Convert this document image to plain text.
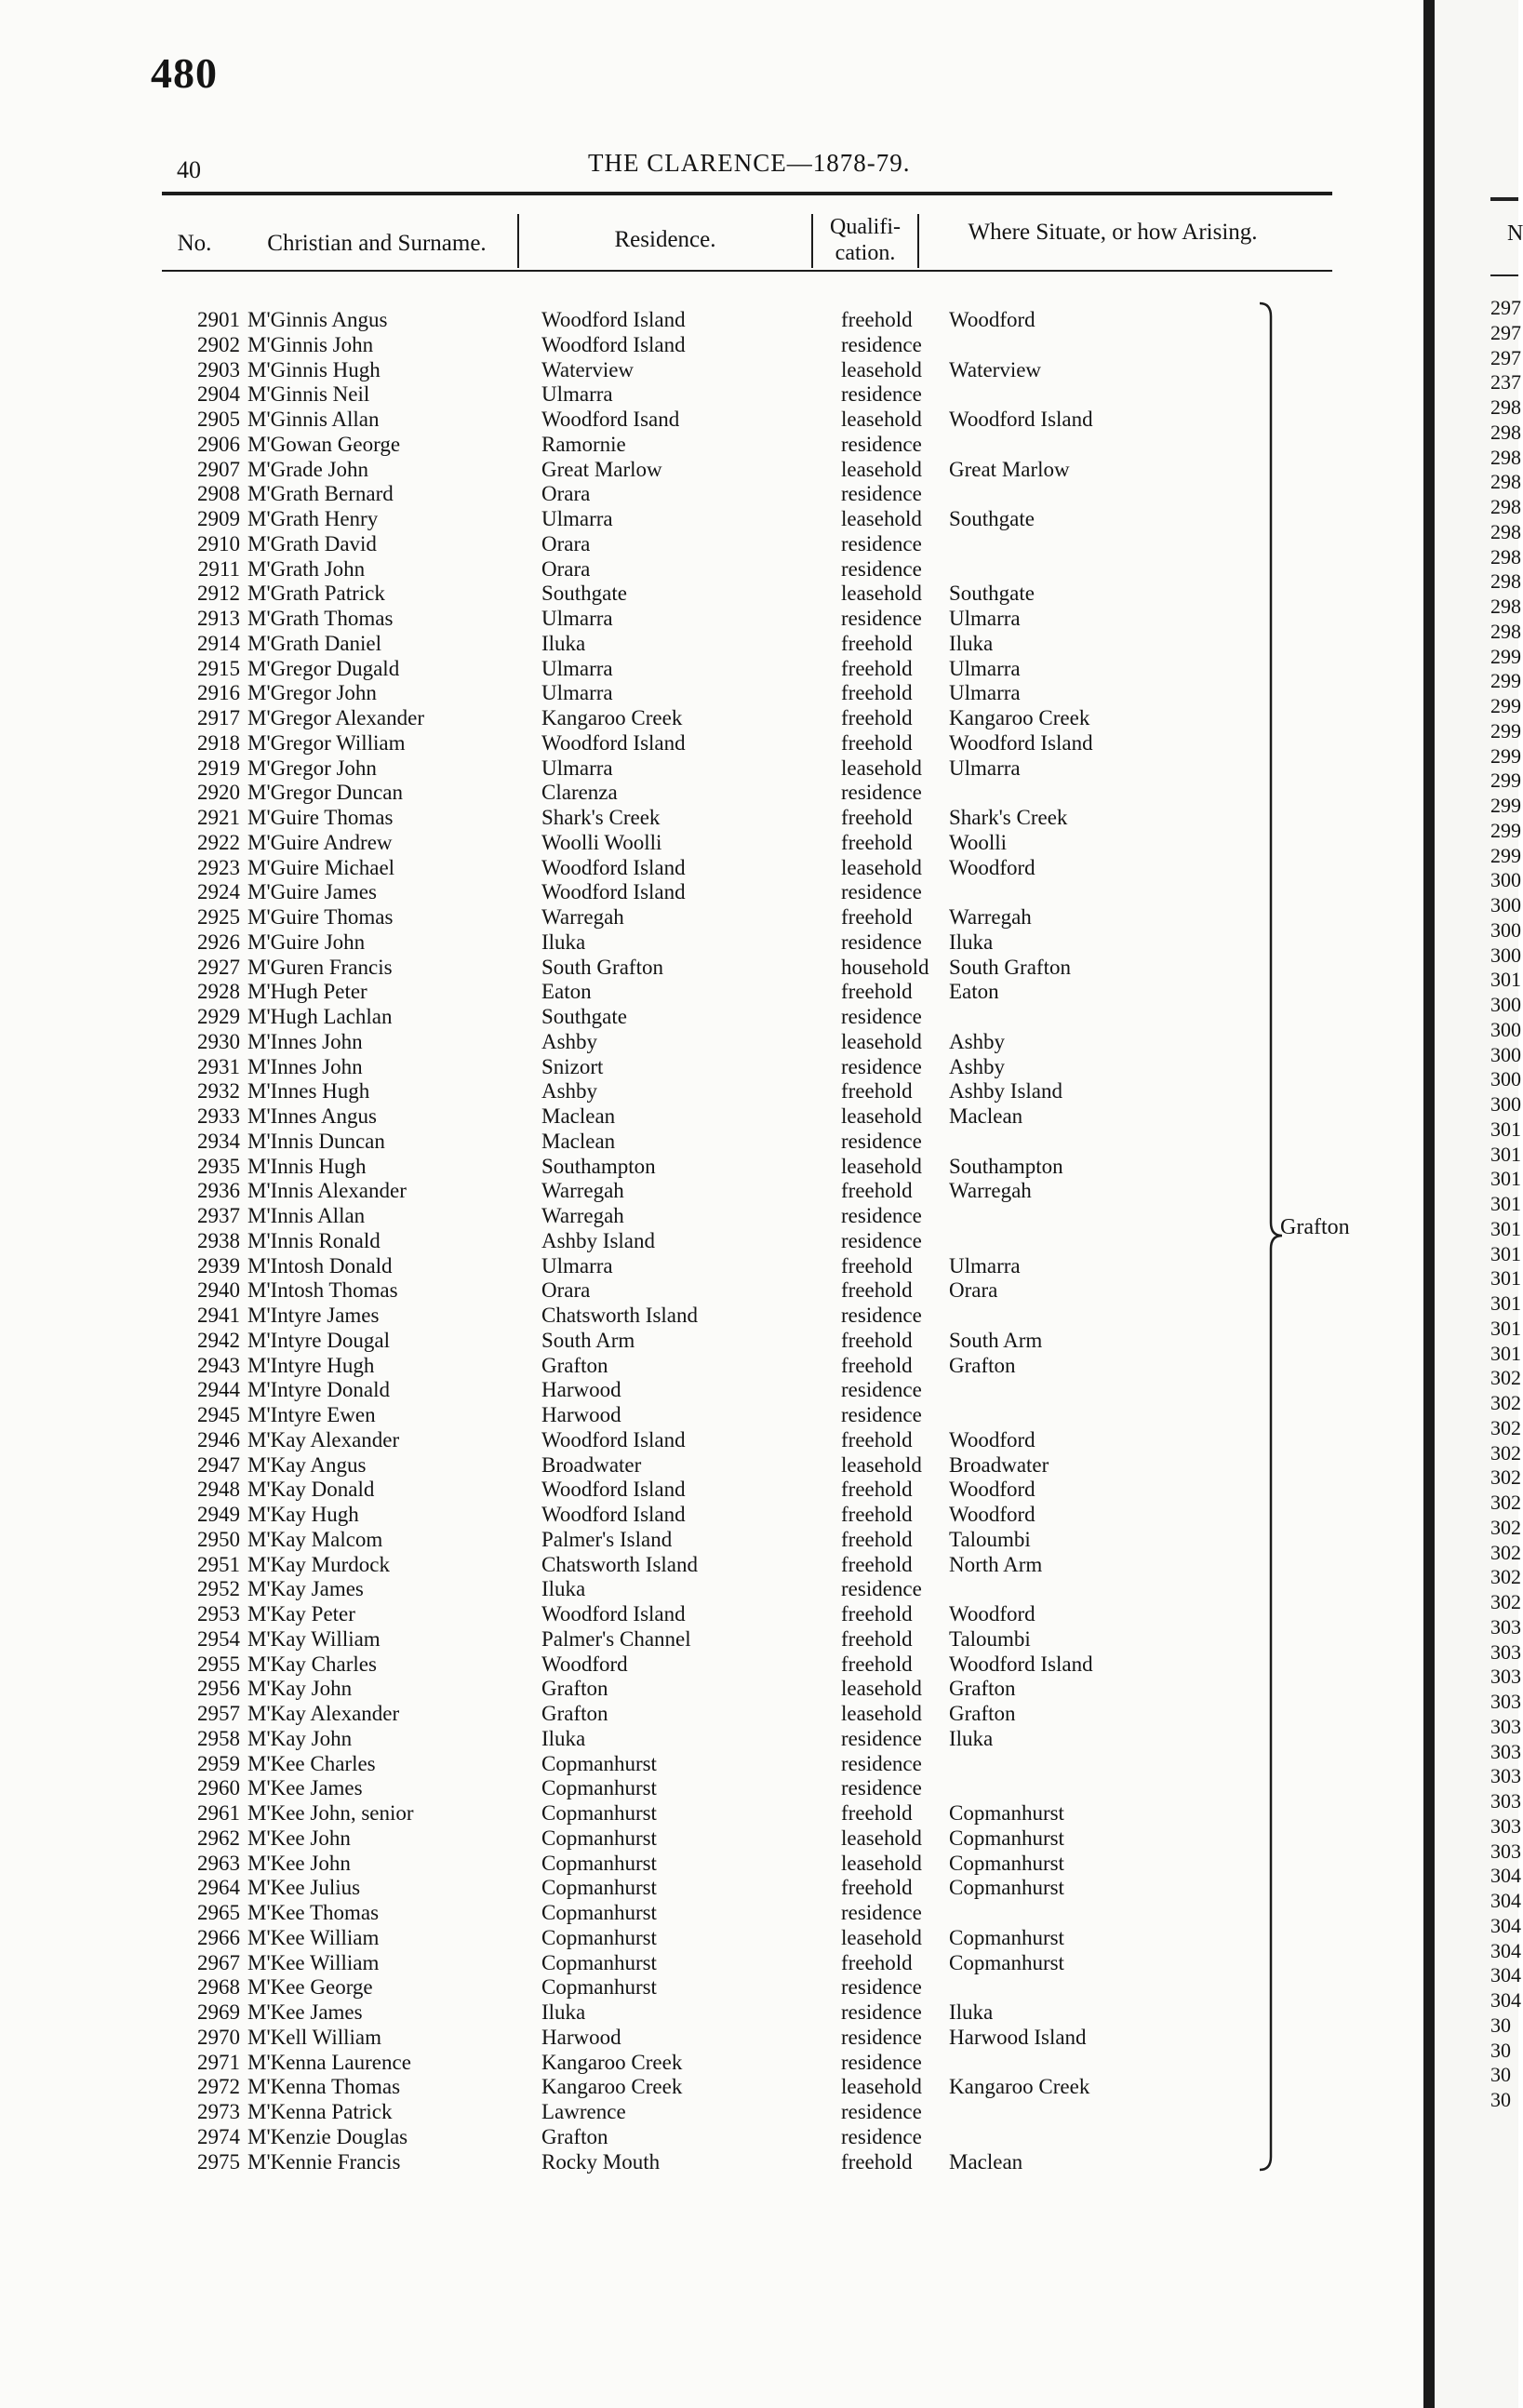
480
40	THE CLARENCE—1878-79.
No.	Christian and Surname.	Residence.	Qualifi-
cation.
Where Situate, or how Arising.
2901 M'Ginnis Angus	Woodford Island	freehold Woodford
2902 M'Ginnis John	Woodford Island	residence
2903 M'Ginnis Hugh	Waterview	leasehold Waterview
2904 M'Ginnis Neil	Ulmarra	residence
2905 M'Ginnis Allan	Woodford Isand	leasehold Woodford Island
2906 M'Gowan George	Ramornie	residence
2907 M'Grade John	Great Marlow	leasehold Great Marlow
2908 M'Grath Bernard	Orara	residence
2909 M'Grath Henry	Ulmarra	leasehold Southgate
2910 M'Grath David	Orara	residence
2911 M'Grath John	Orara	residence
2912 M'Grath Patrick	Southgate	leasehold Southgate
2913 M'Grath Thomas	Ulmarra	residence Ulmarra
2914 M'Grath Daniel	Iluka	freehold Iluka
2915 M'Gregor Dugald	Ulmarra	freehold Ulmarra
2916 M'Gregor John	Ulmarra	freehold Ulmarra
2917 M'Gregor Alexander	Kangaroo Creek	freehold Kangaroo Creek
2918 M'Gregor William	Woodford Island	freehold Woodford Island
2919 M'Gregor John	Ulmarra	leasehold Ulmarra
2920 M'Gregor Duncan	Clarenza	residence
2921 M'Guire Thomas	Shark's Creek	freehold Shark's Creek
2922 M'Guire Andrew	Woolli Woolli	freehold Woolli
2923 M'Guire Michael	Woodford Island	leasehold Woodford
2924 M'Guire James	Woodford Island	residence
2925 M'Guire Thomas	Warregah	freehold Warregah
2926 M'Guire John	Iluka	residence Iluka
2927 M'Guren Francis	South Grafton	household South Grafton
2928 M'Hugh Peter	Eaton	freehold Eaton
2929 M'Hugh Lachlan	Southgate	residence
2930 M'Innes John	Ashby	leasehold Ashby
2931 M'Innes John	Snizort	residence Ashby
2932 M'Innes Hugh	Ashby	freehold Ashby Island
2933 M'Innes Angus	Maclean	leasehold Maclean
2934 M'Innis Duncan	Maclean	residence
2935 M'Innis Hugh	Southampton	leasehold Southampton
2936 M'Innis Alexander	Warregah	freehold Warregah
2937 M'Innis Allan	Warregah	residence
2938 M'Innis Ronald	Ashby Island	residence
2939 M'Intosh Donald	Ulmarra	freehold Ulmarra
2940 M'Intosh Thomas	Orara	freehold Orara
2941 M'Intyre James	Chatsworth Island	residence
2942 M'Intyre Dougal	South Arm	freehold South Arm
2943 M'Intyre Hugh	Grafton	freehold Grafton
2944 M'Intyre Donald	Harwood	residence
2945 M'Intyre Ewen	Harwood	residence
2946 M'Kay Alexander	Woodford Island	freehold Woodford
2947 M'Kay Angus	Broadwater	leasehold Broadwater
2948 M'Kay Donald	Woodford Island	freehold Woodford
2949 M'Kay Hugh	Woodford Island	freehold Woodford
2950 M'Kay Malcom	Palmer's Island	freehold Taloumbi
2951 M'Kay Murdock	Chatsworth Island	freehold North Arm
2952 M'Kay James	Iluka	residence
2953 M'Kay Peter	Woodford Island	freehold Woodford
2954 M'Kay William	Palmer's Channel	freehold Taloumbi
2955 M'Kay Charles	Woodford	freehold Woodford Island
2956 M'Kay John	Grafton	leasehold Grafton
2957 M'Kay Alexander	Grafton	leasehold Grafton
2958 M'Kay John	Iluka	residence Iluka
2959 M'Kee Charles	Copmanhurst	residence
2960 M'Kee James	Copmanhurst	residence
2961 M'Kee John, senior	Copmanhurst	freehold Copmanhurst
2962 M'Kee John	Copmanhurst	leasehold Copmanhurst
2963 M'Kee John	Copmanhurst	leasehold Copmanhurst
2964 M'Kee Julius	Copmanhurst	freehold Copmanhurst
2965 M'Kee Thomas	Copmanhurst	residence
2966 M'Kee William	Copmanhurst	leasehold Copmanhurst
2967 M'Kee William	Copmanhurst	freehold Copmanhurst
2968 M'Kee George	Copmanhurst	residence
2969 M'Kee James	Iluka	residence Iluka
2970 M'Kell William	Harwood	residence Harwood Island
2971 M'Kenna Laurence	Kangaroo Creek	residence
2972 M'Kenna Thomas	Kangaroo Creek	leasehold Kangaroo Creek
2973 M'Kenna Patrick	Lawrence	residence
2974 M'Kenzie Douglas	Grafton	residence
2975 M'Kennie Francis	Rocky Mouth	freehold Maclean
Grafton
N
297
297
297
237
298
298
298
298
298
298
298
298
298
298
299
299
299
299
299
299
299
299
299
300
300
300
300
301
300
300
300
300
300
301
301
301
301
301
301
301
301
301
301
302
302
302
302
302
302
302
302
302
302
303
303
303
303
303
303
303
303
303
303
304
304
304
304
304
304
30
30
30
30
